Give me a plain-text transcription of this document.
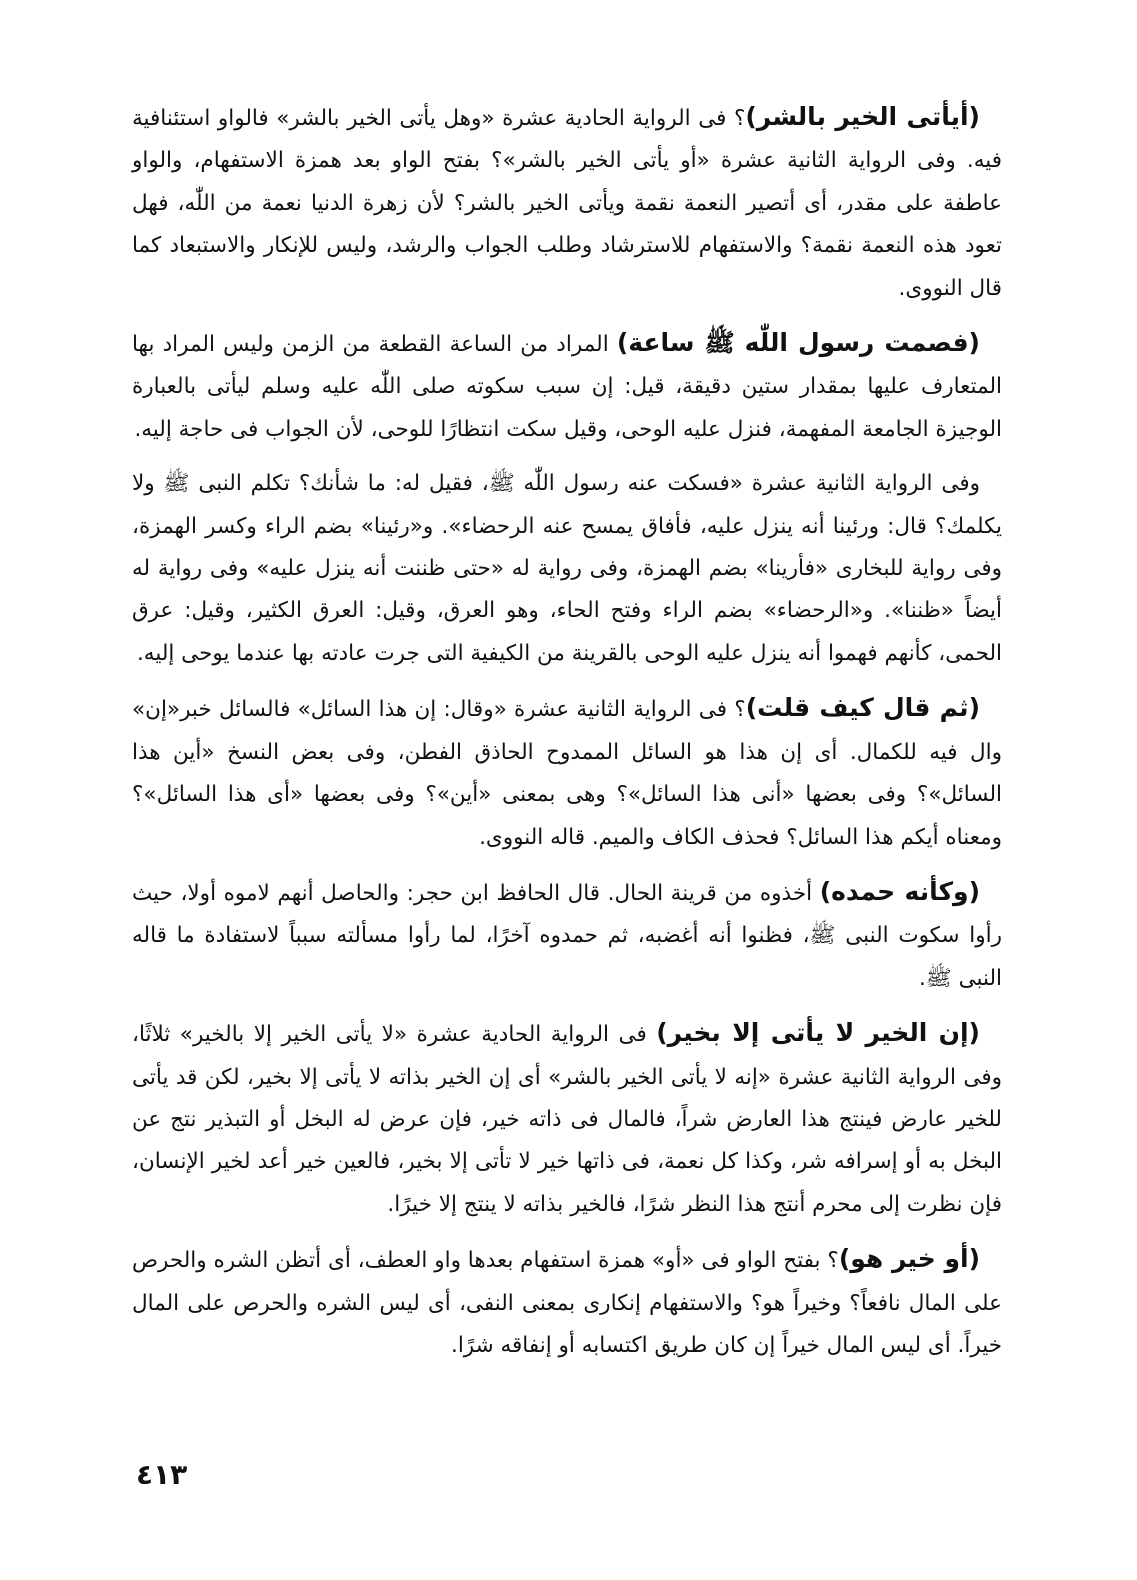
(أيأتى الخير بالشر)؟ فى الرواية الحادية عشرة «وهل يأتى الخير بالشر» فالواو استئنافية فيه. وفى الرواية الثانية عشرة «أو يأتى الخير بالشر»؟ بفتح الواو بعد همزة الاستفهام، والواو عاطفة على مقدر، أى أتصير النعمة نقمة ويأتى الخير بالشر؟ لأن زهرة الدنيا نعمة من اللّٰه، فهل تعود هذه النعمة نقمة؟ والاستفهام للاسترشاد وطلب الجواب والرشد، وليس للإنكار والاستبعاد كما قال النووى.

(فصمت رسول اللّٰه ﷺ ساعة) المراد من الساعة القطعة من الزمن وليس المراد بها المتعارف عليها بمقدار ستين دقيقة، قيل: إن سبب سكوته صلى اللّٰه عليه وسلم ليأتى بالعبارة الوجيزة الجامعة المفهمة، فنزل عليه الوحى، وقيل سكت انتظارًا للوحى، لأن الجواب فى حاجة إليه.

وفى الرواية الثانية عشرة «فسكت عنه رسول اللّٰه ﷺ، فقيل له: ما شأنك؟ تكلم النبى ﷺ ولا يكلمك؟ قال: ورئينا أنه ينزل عليه، فأفاق يمسح عنه الرحضاء». و«رئينا» بضم الراء وكسر الهمزة، وفى رواية للبخارى «فأرينا» بضم الهمزة، وفى رواية له «حتى ظننت أنه ينزل عليه» وفى رواية له أيضاً «ظننا». و«الرحضاء» بضم الراء وفتح الحاء، وهو العرق، وقيل: العرق الكثير، وقيل: عرق الحمى، كأنهم فهموا أنه ينزل عليه الوحى بالقرينة من الكيفية التى جرت عادته بها عندما يوحى إليه.

(ثم قال كيف قلت)؟ فى الرواية الثانية عشرة «وقال: إن هذا السائل» فالسائل خبر«إن» وال فيه للكمال. أى إن هذا هو السائل الممدوح الحاذق الفطن، وفى بعض النسخ «أين هذا السائل»؟ وفى بعضها «أنى هذا السائل»؟ وهى بمعنى «أين»؟ وفى بعضها «أى هذا السائل»؟ ومعناه أيكم هذا السائل؟ فحذف الكاف والميم. قاله النووى.

(وكأنه حمده) أخذوه من قرينة الحال. قال الحافظ ابن حجر: والحاصل أنهم لاموه أولا، حيث رأوا سكوت النبى ﷺ، فظنوا أنه أغضبه، ثم حمدوه آخرًا، لما رأوا مسألته سبباً لاستفادة ما قاله النبى ﷺ.

(إن الخير لا يأتى إلا بخير) فى الرواية الحادية عشرة «لا يأتى الخير إلا بالخير» ثلاثًا، وفى الرواية الثانية عشرة «إنه لا يأتى الخير بالشر» أى إن الخير بذاته لا يأتى إلا بخير، لكن قد يأتى للخير عارض فينتج هذا العارض شراً، فالمال فى ذاته خير، فإن عرض له البخل أو التبذير نتج عن البخل به أو إسرافه شر، وكذا كل نعمة، فى ذاتها خير لا تأتى إلا بخير، فالعين خير أعد لخير الإنسان، فإن نظرت إلى محرم أنتج هذا النظر شرًا، فالخير بذاته لا ينتج إلا خيرًا.

(أو خير هو)؟ بفتح الواو فى «أو» همزة استفهام بعدها واو العطف، أى أتظن الشره والحرص على المال نافعاً؟ وخيراً هو؟ والاستفهام إنكارى بمعنى النفى، أى ليس الشره والحرص على المال خيراً. أى ليس المال خيراً إن كان طريق اكتسابه أو إنفاقه شرًا.

٤١٣
